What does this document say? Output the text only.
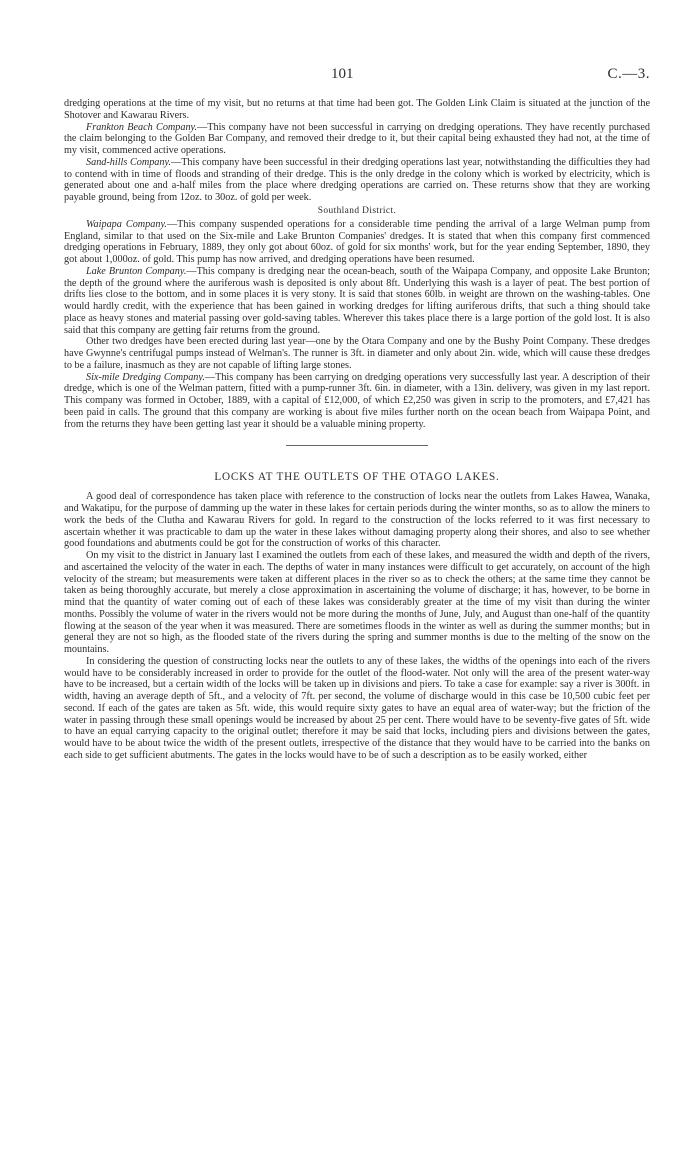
101	C.—3.

dredging operations at the time of my visit, but no returns at that time had been got. The Golden Link Claim is situated at the junction of the Shotover and Kawarau Rivers.

Frankton Beach Company.—This company have not been successful in carrying on dredging operations. They have recently purchased the claim belonging to the Golden Bar Company, and removed their dredge to it, but their capital being exhausted they had not, at the time of my visit, commenced active operations.

Sand-hills Company.—This company have been successful in their dredging operations last year, notwithstanding the difficulties they had to contend with in time of floods and stranding of their dredge. This is the only dredge in the colony which is worked by electricity, which is generated about one and a-half miles from the place where dredging operations are carried on. These returns show that they are working payable ground, being from 12oz. to 30oz. of gold per week.

Southland District.

Waipapa Company.—This company suspended operations for a considerable time pending the arrival of a large Welman pump from England, similar to that used on the Six-mile and Lake Brunton Companies' dredges. It is stated that when this company first commenced dredging operations in February, 1889, they only got about 60oz. of gold for six months' work, but for the year ending September, 1890, they got about 1,000oz. of gold. This pump has now arrived, and dredging operations have been resumed.

Lake Brunton Company.—This company is dredging near the ocean-beach, south of the Waipapa Company, and opposite Lake Brunton; the depth of the ground where the auriferous wash is deposited is only about 8ft. Underlying this wash is a layer of peat. The best portion of drifts lies close to the bottom, and in some places it is very stony. It is said that stones 60lb. in weight are thrown on the washing-tables. One would hardly credit, with the experience that has been gained in working dredges for lifting auriferous drifts, that such a thing should take place as heavy stones and material passing over gold-saving tables. Wherever this takes place there is a large portion of the gold lost. It is also said that this company are getting fair returns from the ground.

Other two dredges have been erected during last year—one by the Otara Company and one by the Bushy Point Company. These dredges have Gwynne's centrifugal pumps instead of Welman's. The runner is 3ft. in diameter and only about 2in. wide, which will cause these dredges to be a failure, inasmuch as they are not capable of lifting large stones.

Six-mile Dredging Company.—This company has been carrying on dredging operations very successfully last year. A description of their dredge, which is one of the Welman pattern, fitted with a pump-runner 3ft. 6in. in diameter, with a 13in. delivery, was given in my last report. This company was formed in October, 1889, with a capital of £12,000, of which £2,250 was given in scrip to the promoters, and £7,421 has been paid in calls. The ground that this company are working is about five miles further north on the ocean beach from Waipapa Point, and from the returns they have been getting last year it should be a valuable mining property.

LOCKS AT THE OUTLETS OF THE OTAGO LAKES.

A good deal of correspondence has taken place with reference to the construction of locks near the outlets from Lakes Hawea, Wanaka, and Wakatipu, for the purpose of damming up the water in these lakes for certain periods during the winter months, so as to allow the miners to work the beds of the Clutha and Kawarau Rivers for gold. In regard to the construction of the locks referred to it was first necessary to ascertain whether it was practicable to dam up the water in these lakes without damaging property along their shores, and also to see whether good foundations and abutments could be got for the construction of works of this character.

On my visit to the district in January last I examined the outlets from each of these lakes, and measured the width and depth of the rivers, and ascertained the velocity of the water in each. The depths of water in many instances were difficult to get accurately, on account of the high velocity of the stream; but measurements were taken at different places in the river so as to check the others; at the same time they cannot be taken as being thoroughly accurate, but merely a close approximation in ascertaining the volume of discharge; it has, however, to be borne in mind that the quantity of water coming out of each of these lakes was considerably greater at the time of my visit than during the winter months. Possibly the volume of water in the rivers would not be more during the months of June, July, and August than one-half of the quantity flowing at the season of the year when it was measured. There are sometimes floods in the winter as well as during the summer months; but in general they are not so high, as the flooded state of the rivers during the spring and summer months is due to the melting of the snow on the mountains.

In considering the question of constructing locks near the outlets to any of these lakes, the widths of the openings into each of the rivers would have to be considerably increased in order to provide for the outlet of the flood-water. Not only will the area of the present water-way have to be increased, but a certain width of the locks will be taken up in divisions and piers. To take a case for example: say a river is 300ft. in width, having an average depth of 5ft., and a velocity of 7ft. per second, the volume of discharge would in this case be 10,500 cubic feet per second. If each of the gates are taken as 5ft. wide, this would require sixty gates to have an equal area of water-way; but the friction of the water in passing through these small openings would be increased by about 25 per cent. There would have to be seventy-five gates of 5ft. wide to have an equal carrying capacity to the original outlet; therefore it may be said that locks, including piers and divisions between the gates, would have to be about twice the width of the present outlets, irrespective of the distance that they would have to be carried into the banks on each side to get sufficient abutments. The gates in the locks would have to be of such a description as to be easily worked, either
